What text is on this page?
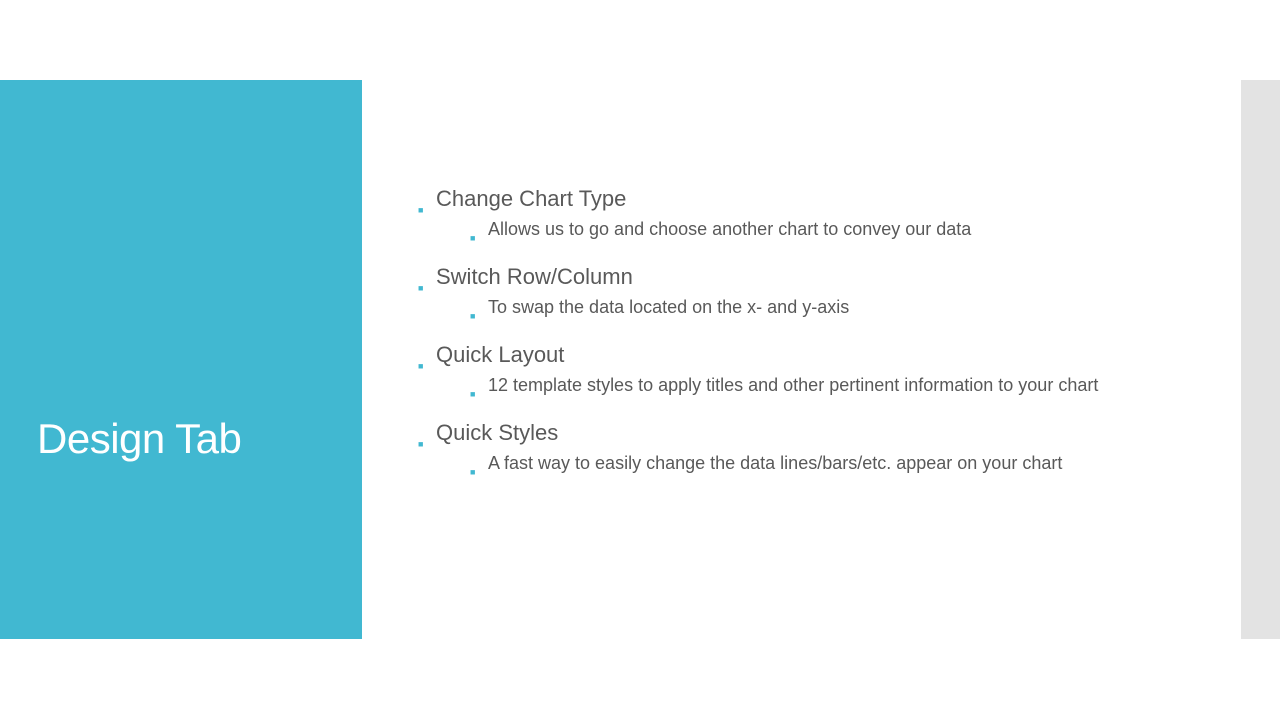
Design Tab

■ Change Chart Type

■ Allows us to go and choose another chart to convey our data

■ Switch Row/Column

■ To swap the data located on the x- and y-axis

■ Quick Layout

■ 12 template styles to apply titles and other pertinent information to your chart

■ Quick Styles

■ A fast way to easily change the data lines/bars/etc. appear on your chart
